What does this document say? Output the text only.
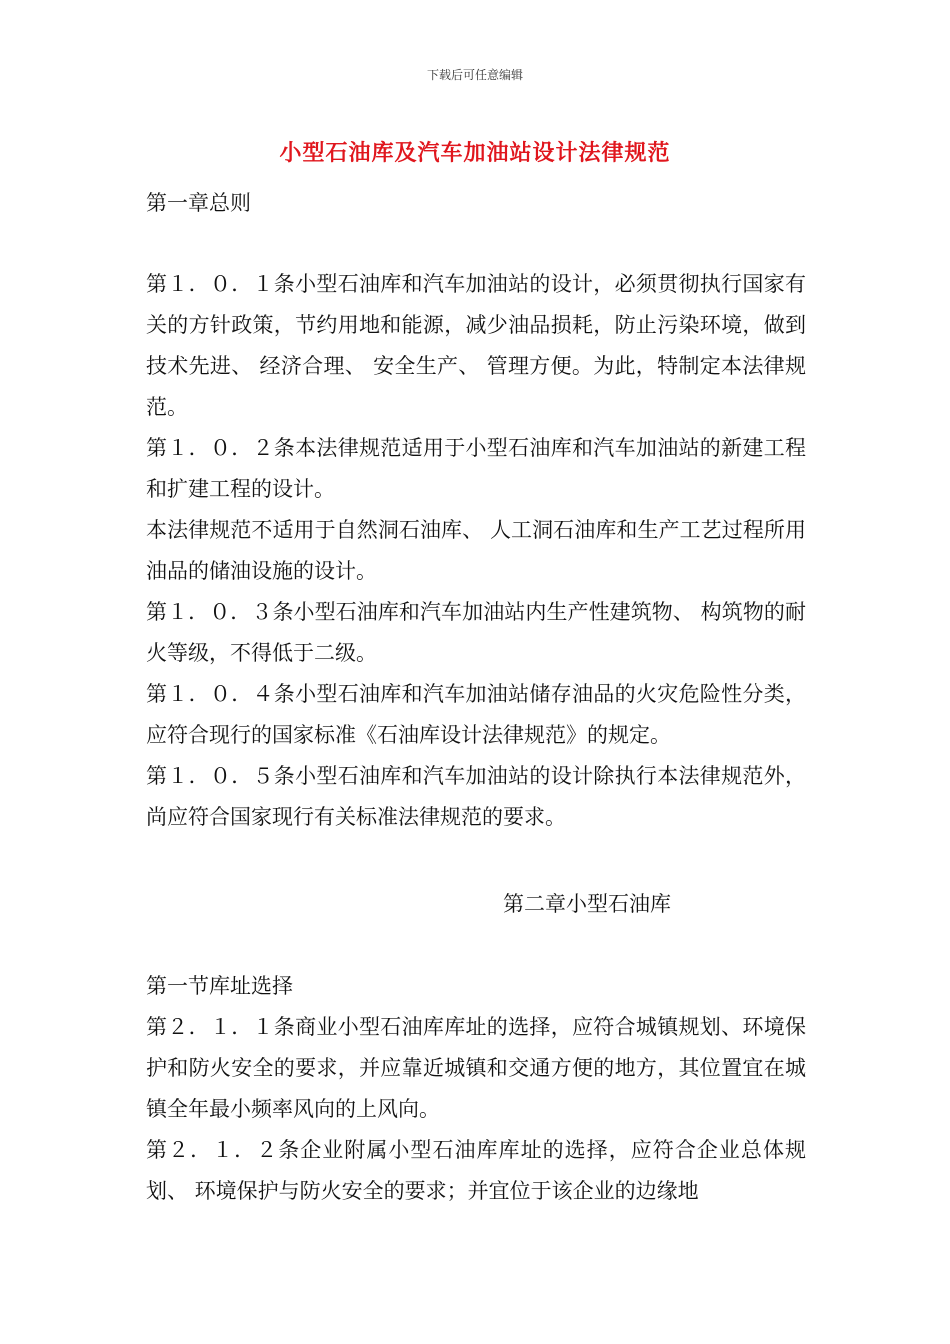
下载后可任意编辑
小型石油库及汽车加油站设计法律规范

第一章总则

第１．０．１条小型石油库和汽车加油站的设计，必须贯彻执行国家有关的方针政策，节约用地和能源，减少油品损耗，防止污染环境，做到技术先进、 经济合理、 安全生产、 管理方便。为此，特制定本法律规范。

第１．０．２条本法律规范适用于小型石油库和汽车加油站的新建工程和扩建工程的设计。

本法律规范不适用于自然洞石油库、 人工洞石油库和生产工艺过程所用油品的储油设施的设计。

第１．０．３条小型石油库和汽车加油站内生产性建筑物、 构筑物的耐火等级，不得低于二级。

第１．０．４条小型石油库和汽车加油站储存油品的火灾危险性分类，应符合现行的国家标准《石油库设计法律规范》的规定。

第１．０．５条小型石油库和汽车加油站的设计除执行本法律规范外，尚应符合国家现行有关标准法律规范的要求。

第二章小型石油库

第一节库址选择

第２．１．１条商业小型石油库库址的选择，应符合城镇规划、环境保护和防火安全的要求，并应靠近城镇和交通方便的地方，其位置宜在城镇全年最小频率风向的上风向。

第２．１．２条企业附属小型石油库库址的选择，应符合企业总体规划、 环境保护与防火安全的要求；并宜位于该企业的边缘地
